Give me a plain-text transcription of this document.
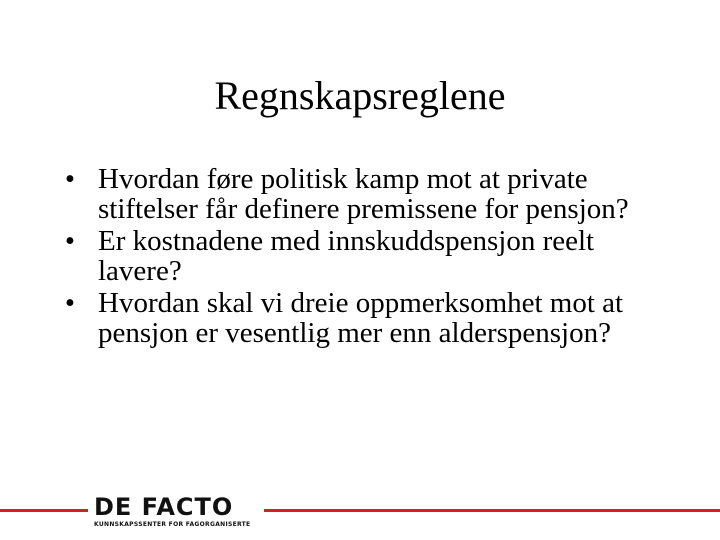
Regnskapsreglene
• Hvordan føre politisk kamp mot at private stiftelser får definere premissene for pensjon?
• Er kostnadene med innskuddspensjon reelt lavere?
• Hvordan skal vi dreie oppmerksomhet mot at pensjon er vesentlig mer enn alderspensjon?
DE FACTO
KUNNSKAPSSENTER FOR FAGORGANISERTE
